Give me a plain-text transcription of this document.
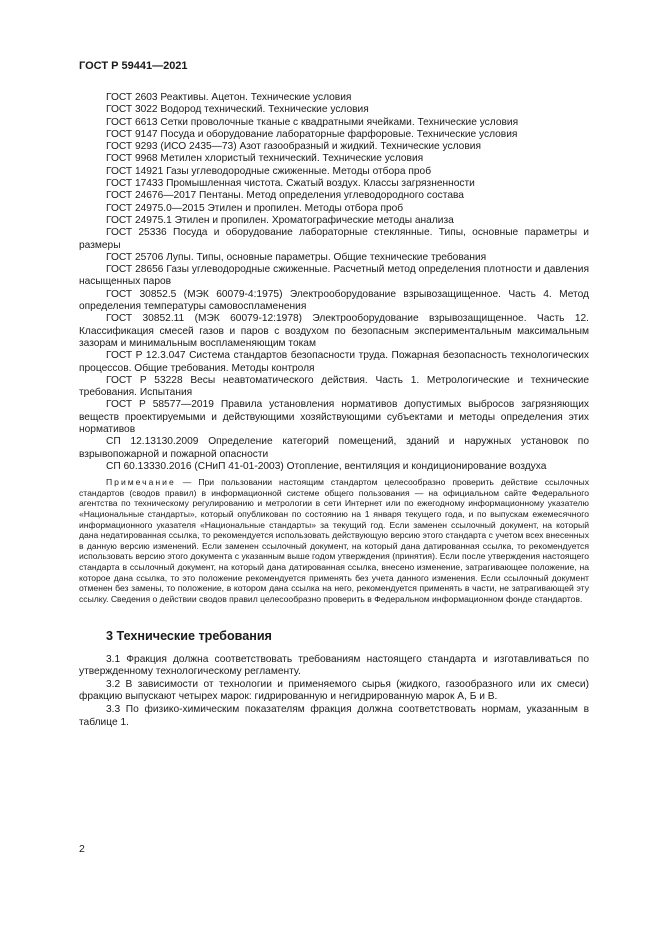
ГОСТ Р 59441—2021

ГОСТ 2603 Реактивы. Ацетон. Технические условия

ГОСТ 3022 Водород технический. Технические условия

ГОСТ 6613 Сетки проволочные тканые с квадратными ячейками. Технические условия

ГОСТ 9147 Посуда и оборудование лабораторные фарфоровые. Технические условия

ГОСТ 9293 (ИСО 2435—73) Азот газообразный и жидкий. Технические условия

ГОСТ 9968 Метилен хлористый технический. Технические условия

ГОСТ 14921 Газы углеводородные сжиженные. Методы отбора проб

ГОСТ 17433 Промышленная чистота. Сжатый воздух. Классы загрязненности

ГОСТ 24676—2017 Пентаны. Метод определения углеводородного состава

ГОСТ 24975.0—2015 Этилен и пропилен. Методы отбора проб

ГОСТ 24975.1 Этилен и пропилен. Хроматографические методы анализа

ГОСТ 25336 Посуда и оборудование лабораторные стеклянные. Типы, основные параметры и размеры

ГОСТ 25706 Лупы. Типы, основные параметры. Общие технические требования

ГОСТ 28656 Газы углеводородные сжиженные. Расчетный метод определения плотности и давления насыщенных паров

ГОСТ 30852.5 (МЭК 60079-4:1975) Электрооборудование взрывозащищенное. Часть 4. Метод определения температуры самовоспламенения

ГОСТ 30852.11 (МЭК 60079-12:1978) Электрооборудование взрывозащищенное. Часть 12. Классификация смесей газов и паров с воздухом по безопасным экспериментальным максимальным зазорам и минимальным воспламеняющим токам

ГОСТ Р 12.3.047 Система стандартов безопасности труда. Пожарная безопасность технологических процессов. Общие требования. Методы контроля

ГОСТ Р 53228 Весы неавтоматического действия. Часть 1. Метрологические и технические требования. Испытания

ГОСТ Р 58577—2019 Правила установления нормативов допустимых выбросов загрязняющих веществ проектируемыми и действующими хозяйствующими субъектами и методы определения этих нормативов

СП 12.13130.2009 Определение категорий помещений, зданий и наружных установок по взрывопожарной и пожарной опасности

СП 60.13330.2016 (СНиП 41-01-2003) Отопление, вентиляция и кондиционирование воздуха

Примечание — При пользовании настоящим стандартом целесообразно проверить действие ссылочных стандартов (сводов правил) в информационной системе общего пользования — на официальном сайте Федерального агентства по техническому регулированию и метрологии в сети Интернет или по ежегодному информационному указателю «Национальные стандарты», который опубликован по состоянию на 1 января текущего года, и по выпускам ежемесячного информационного указателя «Национальные стандарты» за текущий год. Если заменен ссылочный документ, на который дана недатированная ссылка, то рекомендуется использовать действующую версию этого стандарта с учетом всех внесенных в данную версию изменений. Если заменен ссылочный документ, на который дана датированная ссылка, то рекомендуется использовать версию этого документа с указанным выше годом утверждения (принятия). Если после утверждения настоящего стандарта в ссылочный документ, на который дана датированная ссылка, внесено изменение, затрагивающее положение, на которое дана ссылка, то это положение рекомендуется применять без учета данного изменения. Если ссылочный документ отменен без замены, то положение, в котором дана ссылка на него, рекомендуется применять в части, не затрагивающей эту ссылку. Сведения о действии сводов правил целесообразно проверить в Федеральном информационном фонде стандартов.

3 Технические требования

3.1 Фракция должна соответствовать требованиям настоящего стандарта и изготавливаться по утвержденному технологическому регламенту.

3.2 В зависимости от технологии и применяемого сырья (жидкого, газообразного или их смеси) фракцию выпускают четырех марок: гидрированную и негидрированную марок А, Б и В.

3.3 По физико-химическим показателям фракция должна соответствовать нормам, указанным в таблице 1.

2
